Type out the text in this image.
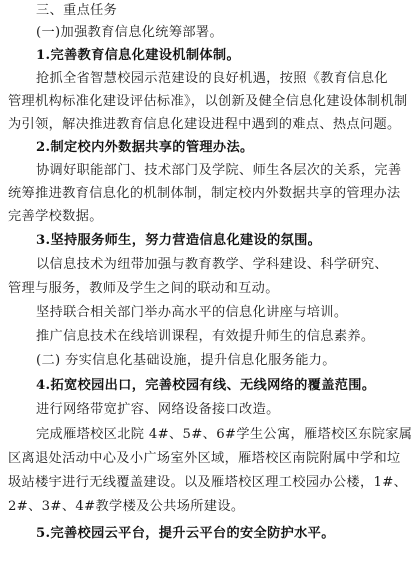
三、重点任务
(一)加强教育信息化统筹部署。
1.完善教育信息化建设机制体制。
抢抓全省智慧校园示范建设的良好机遇，按照《教育信息化
管理机构标准化建设评估标准》，以创新及健全信息化建设体制机制
为引领，解决推进教育信息化建设进程中遇到的难点、热点问题。
2.制定校内外数据共享的管理办法。
协调好职能部门、技术部门及学院、师生各层次的关系，完善
统筹推进教育信息化的机制体制，制定校内外数据共享的管理办法
完善学校数据。
3.坚持服务师生，努力营造信息化建设的氛围。
以信息技术为纽带加强与教育教学、学科建设、科学研究、
管理与服务，教师及学生之间的联动和互动。
坚持联合相关部门举办高水平的信息化讲座与培训。
推广信息技术在线培训课程，有效提升师生的信息素养。
(二) 夯实信息化基础设施，提升信息化服务能力。
4.拓宽校园出口，完善校园有线、无线网络的覆盖范围。
进行网络带宽扩容、网络设备接口改造。
完成雁塔校区北院 4#、5#、6#学生公寓，雁塔校区东院家属
区离退处活动中心及小广场室外区域，雁塔校区南院附属中学和垃
圾站楼宇进行无线覆盖建设。以及雁塔校区理工校园办公楼，1#、
2#、3#、4#教学楼及公共场所建设。
5.完善校园云平台，提升云平台的安全防护水平。
